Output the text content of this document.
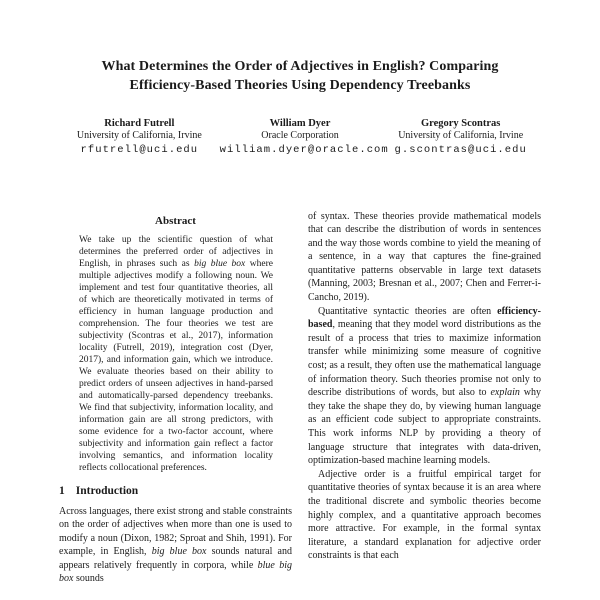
What Determines the Order of Adjectives in English? Comparing
Efficiency-Based Theories Using Dependency Treebanks
Richard Futrell
University of California, Irvine
rfutrell@uci.edu
William Dyer
Oracle Corporation
william.dyer@oracle.com
Gregory Scontras
University of California, Irvine
g.scontras@uci.edu
Abstract

We take up the scientific question of what determines the preferred order of adjectives in English, in phrases such as big blue box where multiple adjectives modify a following noun. We implement and test four quantitative theories, all of which are theoretically motivated in terms of efficiency in human language production and comprehension. The four theories we test are subjectivity (Scontras et al., 2017), information locality (Futrell, 2019), integration cost (Dyer, 2017), and information gain, which we introduce. We evaluate theories based on their ability to predict orders of unseen adjectives in hand-parsed and automatically-parsed dependency treebanks. We find that subjectivity, information locality, and information gain are all strong predictors, with some evidence for a two-factor account, where subjectivity and information gain reflect a factor involving semantics, and information locality reflects collocational preferences.

1 Introduction

Across languages, there exist strong and stable constraints on the order of adjectives when more than one is used to modify a noun (Dixon, 1982; Sproat and Shih, 1991). For example, in English, big blue box sounds natural and appears relatively frequently in corpora, while blue big box sounds

of syntax. These theories provide mathematical models that can describe the distribution of words in sentences and the way those words combine to yield the meaning of a sentence, in a way that captures the fine-grained quantitative patterns observable in large text datasets (Manning, 2003; Bresnan et al., 2007; Chen and Ferrer-i-Cancho, 2019).

Quantitative syntactic theories are often efficiency-based, meaning that they model word distributions as the result of a process that tries to maximize information transfer while minimizing some measure of cognitive cost; as a result, they often use the mathematical language of information theory. Such theories promise not only to describe distributions of words, but also to explain why they take the shape they do, by viewing human language as an efficient code subject to appropriate constraints. This work informs NLP by providing a theory of language structure that integrates with data-driven, optimization-based machine learning models.

Adjective order is a fruitful empirical target for quantitative theories of syntax because it is an area where the traditional discrete and symbolic theories become highly complex, and a quantitative approach becomes more attractive. For example, in the formal syntax literature, a standard explanation for adjective order constraints is that each
